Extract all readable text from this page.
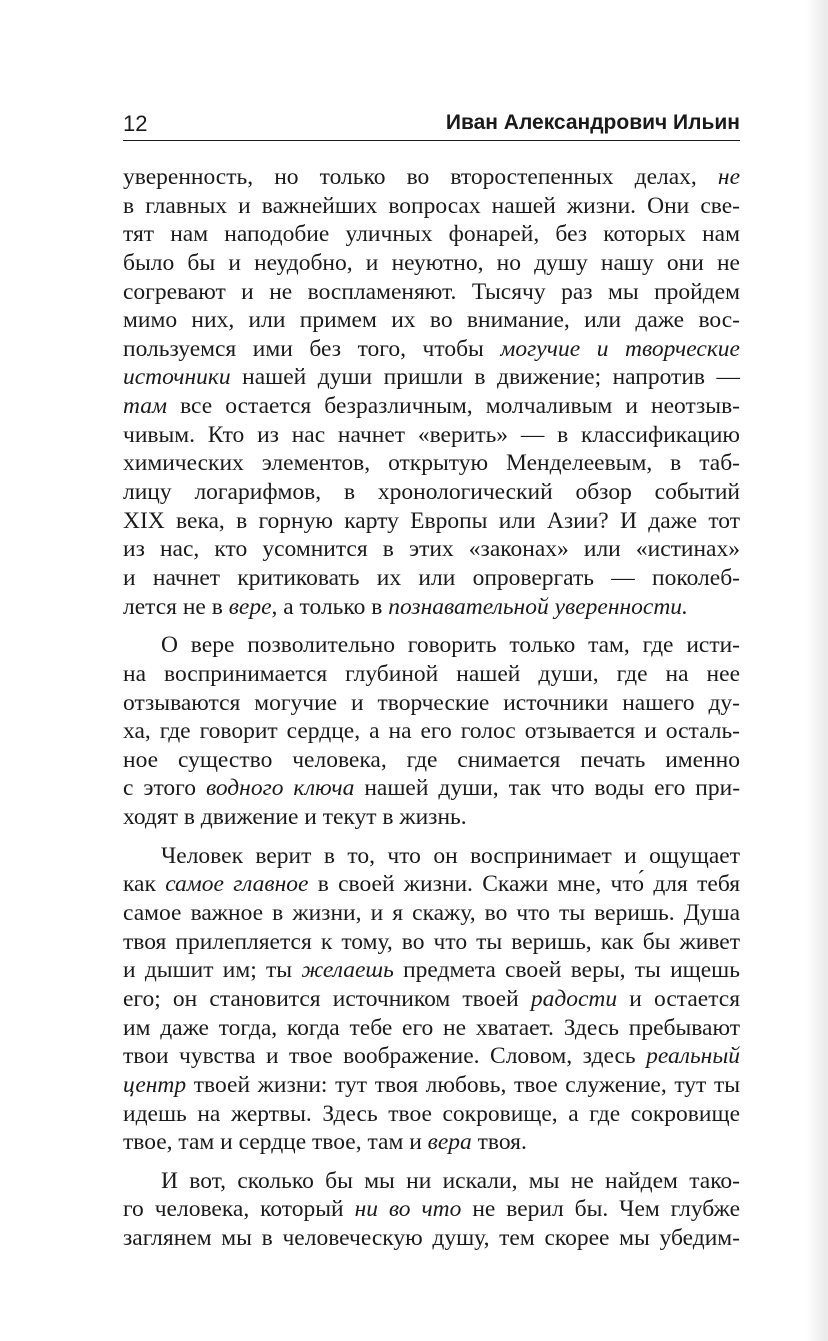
12	Иван Александрович Ильин
уверенность, но только во второстепенных делах, не
в главных и важнейших вопросах нашей жизни. Они све-
тят нам наподобие уличных фонарей, без которых нам
было бы и неудобно, и неуютно, но душу нашу они не
согревают и не воспламеняют. Тысячу раз мы пройдем
мимо них, или примем их во внимание, или даже вос-
пользуемся ими без того, чтобы могучие и творческие
источники нашей души пришли в движение; напротив —
там все остается безразличным, молчаливым и неотзыв-
чивым. Кто из нас начнет «верить» — в классификацию
химических элементов, открытую Менделеевым, в таб-
лицу логарифмов, в хронологический обзор событий
XIX века, в горную карту Европы или Азии? И даже тот
из нас, кто усомнится в этих «законах» или «истинах»
и начнет критиковать их или опровергать — поколеб-
лется не в вере, а только в познавательной уверенности.
О вере позволительно говорить только там, где исти-
на воспринимается глубиной нашей души, где на нее
отзываются могучие и творческие источники нашего ду-
ха, где говорит сердце, а на его голос отзывается и осталь-
ное существо человека, где снимается печать именно
с этого водного ключа нашей души, так что воды его при-
ходят в движение и текут в жизнь.
Человек верит в то, что он воспринимает и ощущает
как самое главное в своей жизни. Скажи мне, что́ для тебя
самое важное в жизни, и я скажу, во что ты веришь. Душа
твоя прилепляется к тому, во что ты веришь, как бы живет
и дышит им; ты желаешь предмета своей веры, ты ищешь
его; он становится источником твоей радости и остается
им даже тогда, когда тебе его не хватает. Здесь пребывают
твои чувства и твое воображение. Словом, здесь реальный
центр твоей жизни: тут твоя любовь, твое служение, тут ты
идешь на жертвы. Здесь твое сокровище, а где сокровище
твое, там и сердце твое, там и вера твоя.
И вот, сколько бы мы ни искали, мы не найдем тако-
го человека, который ни во что не верил бы. Чем глубже
заглянем мы в человеческую душу, тем скорее мы убедим-
